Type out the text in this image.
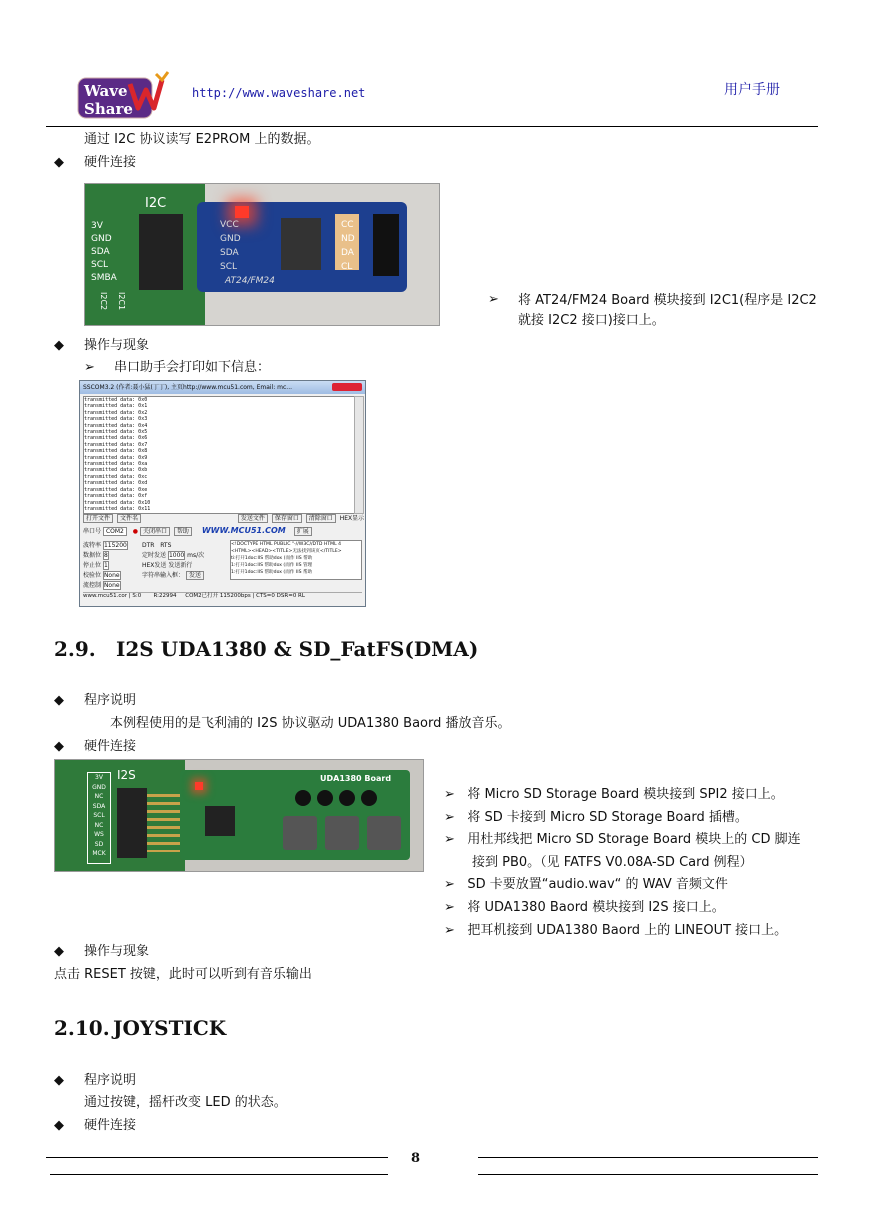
Wave
Share
http://www.waveshare.net	用户手册
通过 I2C 协议读写 E2PROM 上的数据。
◆ 硬件连接
I2C
3V
GND
SDA
SCL
SMBA
I2C2 I2C1
VCC
GND
SDA
SCL
AT24/FM24
CC
ND
DA
CL
➢ 将 AT24/FM24 Board 模块接到 I2C1(程序是 I2C2 就接 I2C2 接口)接口上。
◆ 操作与现象
➢ 串口助手会打印如下信息：
SSCOM3.2 (作者:聂小猛(丁丁), 主页http://www.mcu51.com, Email: mc...
transmitted data: 0x0
transmitted data: 0x1
transmitted data: 0x2
transmitted data: 0x3
transmitted data: 0x4
transmitted data: 0x5
transmitted data: 0x6
transmitted data: 0x7
transmitted data: 0x8
transmitted data: 0x9
transmitted data: 0xa
transmitted data: 0xb
transmitted data: 0xc
transmitted data: 0xd
transmitted data: 0xe
transmitted data: 0xf
transmitted data: 0x10
transmitted data: 0x11
打开文件 文件名	发送文件 保存窗口 清除窗口 HEX显示
串口号 COM2 ● 关闭串口 帮助 WWW.MCU51.COM 扩展
波特率 115200
数据位 8
停止位 1
校验位 None
流控制 None
DTR RTS
定时发送 1000 ms/次
HEX发送 发送新行
字符串输入框： 发送
<!DOCTYPE HTML PUBLIC "-//W3C//DTD HTML 4
<HTML><HEAD><TITLE>无法找到该页</TITLE>
ti:打开1doc:IIS 帮助dox (而作 IIS 帮助
1:打开1doc:IIS 帮助dox (而作 IIS 管理
1:打开1doc:IIS 帮助dox (而作 IIS 帮助
www.mcu51.cor | S:0 R:22994 COM2已打开 115200bps | CTS=0 DSR=0 RL
2.9. I2S UDA1380 & SD_FatFS(DMA)
◆ 程序说明
本例程使用的是飞利浦的 I2S 协议驱动 UDA1380 Baord 播放音乐。
◆ 硬件连接
I2S
3V
GND
NC
SDA
SCL
NC
WS
SD
MCK
UDA1380 Board
➢ 将 Micro SD Storage Board 模块接到 SPI2 接口上。
➢ 将 SD 卡接到 Micro SD Storage Board 插槽。
➢ 用杜邦线把 Micro SD Storage Board 模块上的 CD 脚连
接到 PB0。（见 FATFS V0.08A-SD Card 例程）
➢ SD 卡要放置“audio.wav“ 的 WAV 音频文件
➢ 将 UDA1380 Baord 模块接到 I2S 接口上。
➢ 把耳机接到 UDA1380 Baord 上的 LINEOUT 接口上。
◆ 操作与现象
点击 RESET 按键，此时可以听到有音乐输出
2.10. JOYSTICK
◆ 程序说明
通过按键，摇杆改变 LED 的状态。
◆ 硬件连接
8
